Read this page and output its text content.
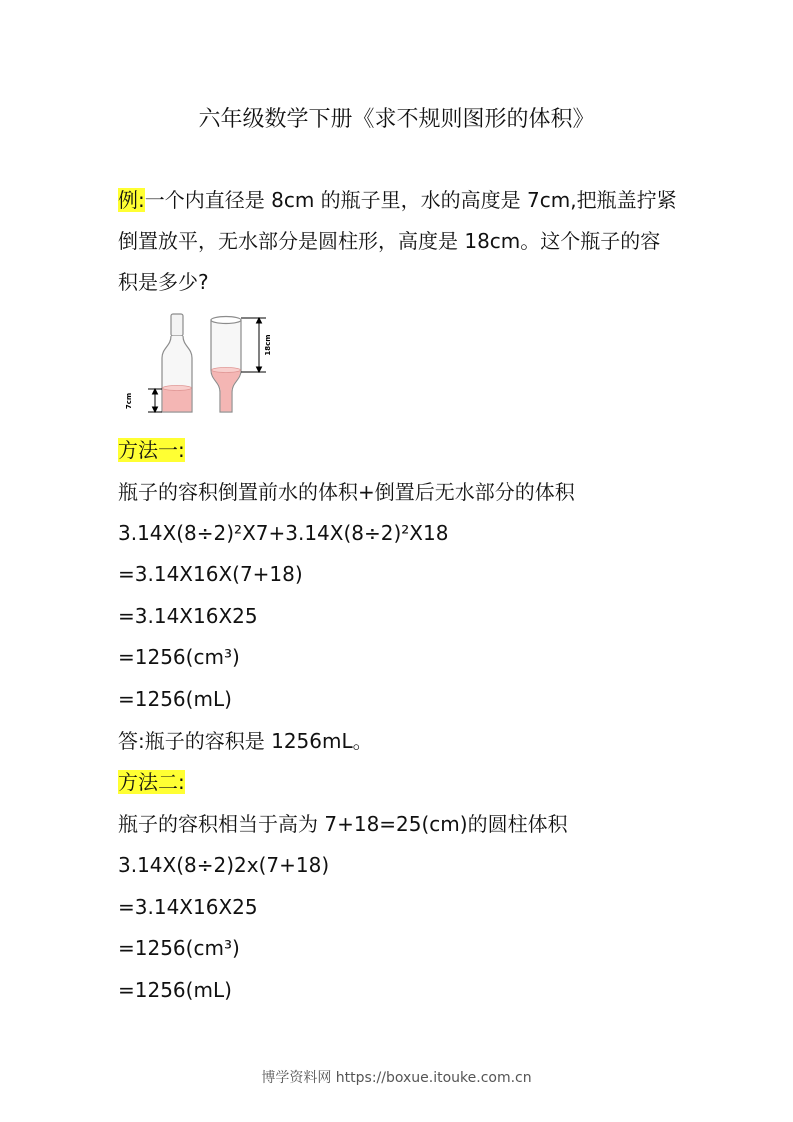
六年级数学下册《求不规则图形的体积》
例:一个内直径是 8cm 的瓶子里，水的高度是 7cm,把瓶盖拧紧倒置放平，无水部分是圆柱形，高度是 18cm。这个瓶子的容积是多少?
7cm
18cm
方法一:
瓶子的容积倒置前水的体积+倒置后无水部分的体积
3.14X(8÷2)²X7+3.14X(8÷2)²X18
=3.14X16X(7+18)
=3.14X16X25
=1256(cm³)
=1256(mL)
答:瓶子的容积是 1256mL。
方法二:
瓶子的容积相当于高为 7+18=25(cm)的圆柱体积
3.14X(8÷2)2x(7+18)
=3.14X16X25
=1256(cm³)
=1256(mL)
博学资料网 https://boxue.itouke.com.cn
